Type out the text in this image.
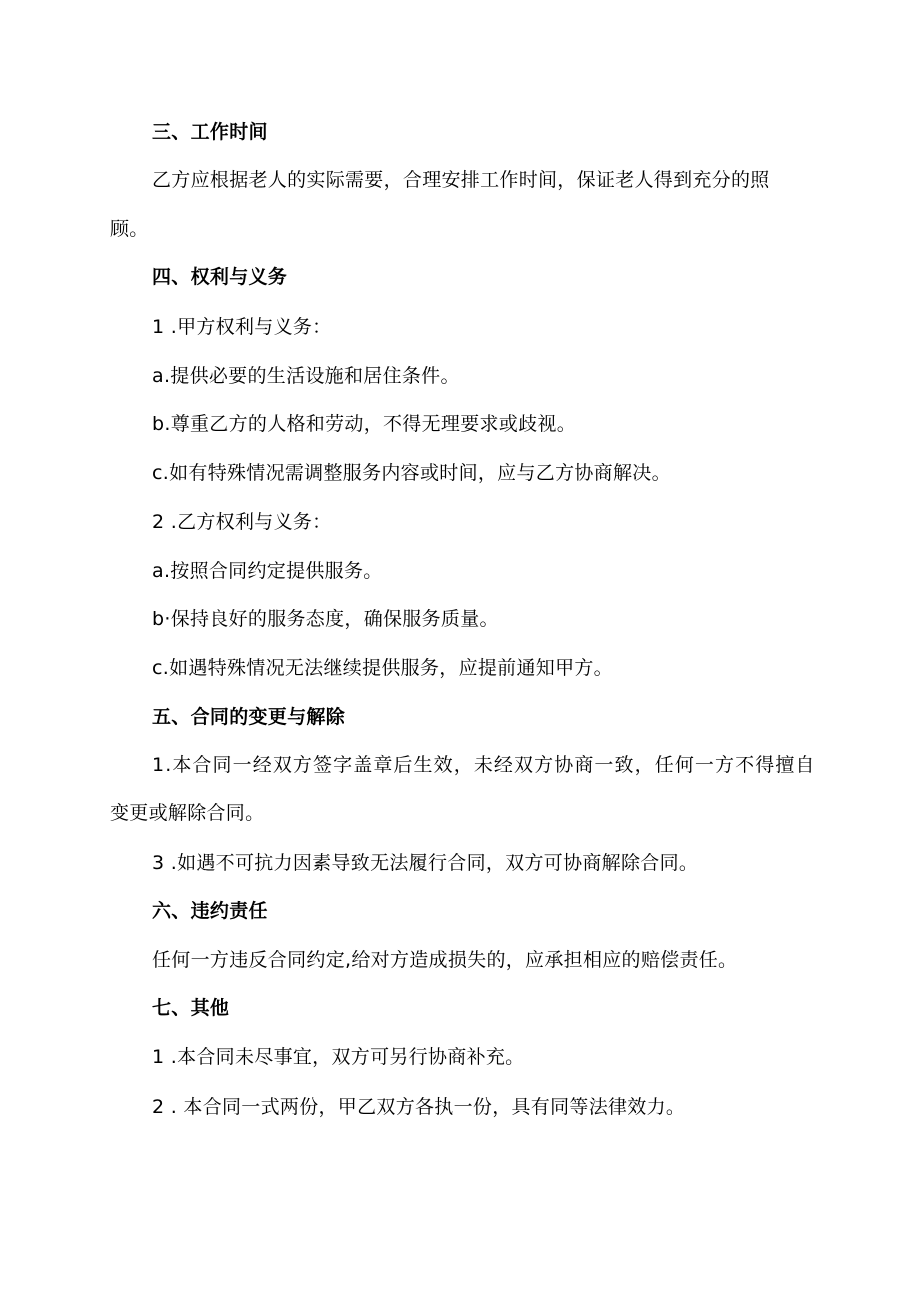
三、工作时间
乙方应根据老人的实际需要，合理安排工作时间，保证老人得到充分的照
顾。
四、权利与义务
1 .甲方权利与义务：
a.提供必要的生活设施和居住条件。
b.尊重乙方的人格和劳动，不得无理要求或歧视。
c.如有特殊情况需调整服务内容或时间，应与乙方协商解决。
2 .乙方权利与义务：
a.按照合同约定提供服务。
b·保持良好的服务态度，确保服务质量。
c.如遇特殊情况无法继续提供服务，应提前通知甲方。
五、合同的变更与解除
1.本合同一经双方签字盖章后生效，未经双方协商一致，任何一方不得擅自
变更或解除合同。
3 .如遇不可抗力因素导致无法履行合同，双方可协商解除合同。
六、违约责任
任何一方违反合同约定,给对方造成损失的，应承担相应的赔偿责任。
七、其他
1 .本合同未尽事宜，双方可另行协商补充。
2 . 本合同一式两份，甲乙双方各执一份，具有同等法律效力。
